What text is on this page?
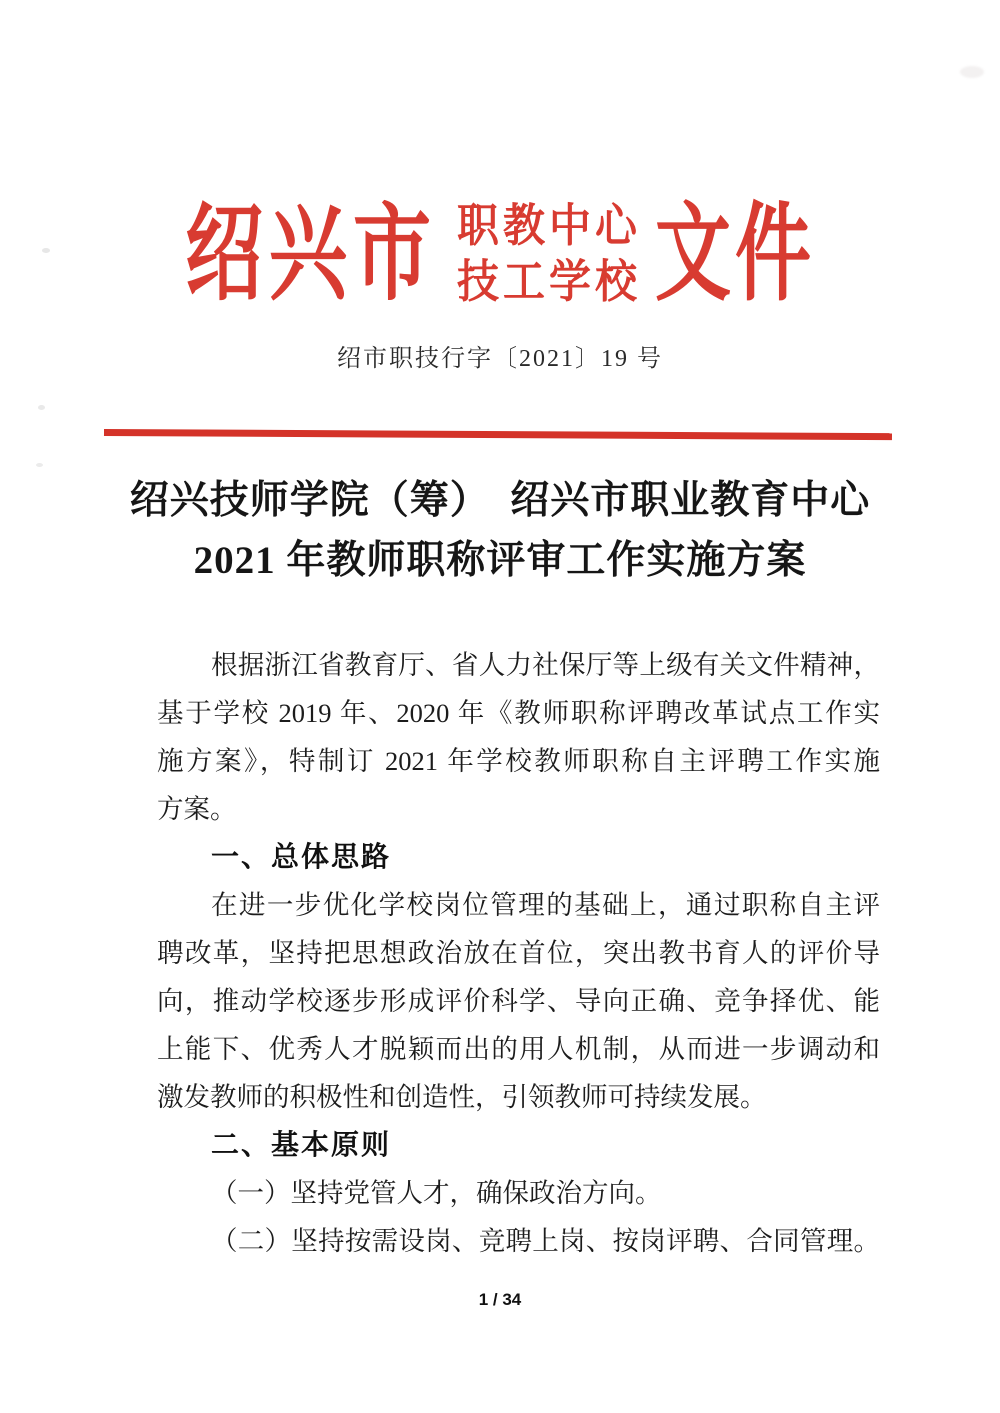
绍兴市 职教中心
技工学校 文件
绍市职技行字〔2021〕19 号
绍兴技师学院（筹）　绍兴市职业教育中心
2021 年教师职称评审工作实施方案
根据浙江省教育厅、省人力社保厅等上级有关文件精神，
基于学校 2019 年、2020 年《教师职称评聘改革试点工作实
施方案》，特制订 2021 年学校教师职称自主评聘工作实施
方案。
一、总体思路
在进一步优化学校岗位管理的基础上，通过职称自主评
聘改革，坚持把思想政治放在首位，突出教书育人的评价导
向，推动学校逐步形成评价科学、导向正确、竞争择优、能
上能下、优秀人才脱颖而出的用人机制，从而进一步调动和
激发教师的积极性和创造性，引领教师可持续发展。
二、基本原则
（一）坚持党管人才，确保政治方向。
（二）坚持按需设岗、竞聘上岗、按岗评聘、合同管理。
1 / 34
